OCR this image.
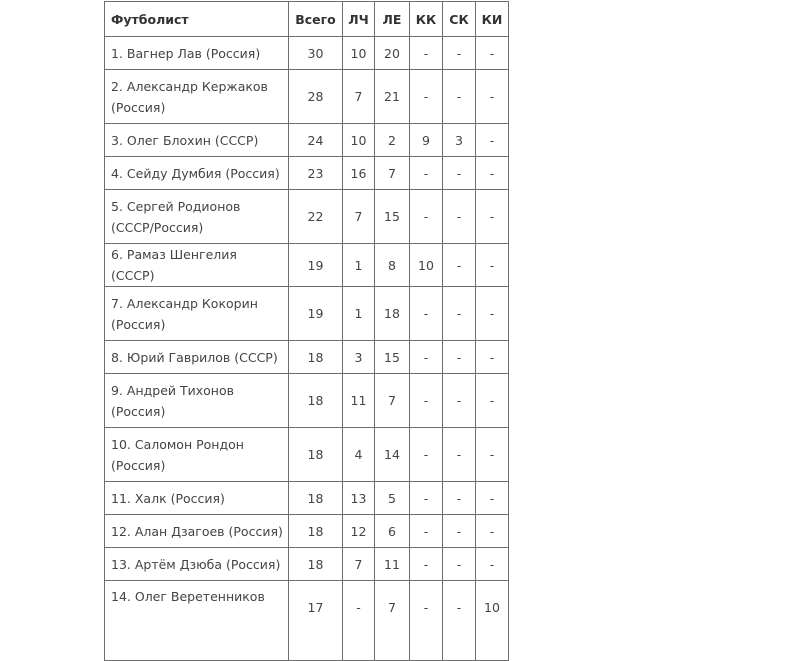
Футболист	Всего	ЛЧ	ЛЕ	КК	СК	КИ
1. Вагнер Лав (Россия)	30	10	20	-	-	-
2. Александр Кержаков (Россия)	28	7	21	-	-	-
3. Олег Блохин (СССР)	24	10	2	9	3	-
4. Сейду Думбия (Россия)	23	16	7	-	-	-
5. Сергей Родионов (СССР/Россия)	22	7	15	-	-	-
6. Рамаз Шенгелия (СССР)	19	1	8	10	-	-
7. Александр Кокорин (Россия)	19	1	18	-	-	-
8. Юрий Гаврилов (СССР)	18	3	15	-	-	-
9. Андрей Тихонов (Россия)	18	11	7	-	-	-
10. Саломон Рондон (Россия)	18	4	14	-	-	-
11. Халк (Россия)	18	13	5	-	-	-
12. Алан Дзагоев (Россия)	18	12	6	-	-	-
13. Артём Дзюба (Россия)	18	7	11	-	-	-
14. Олег Веретенников	17	-	7	-	-	10
